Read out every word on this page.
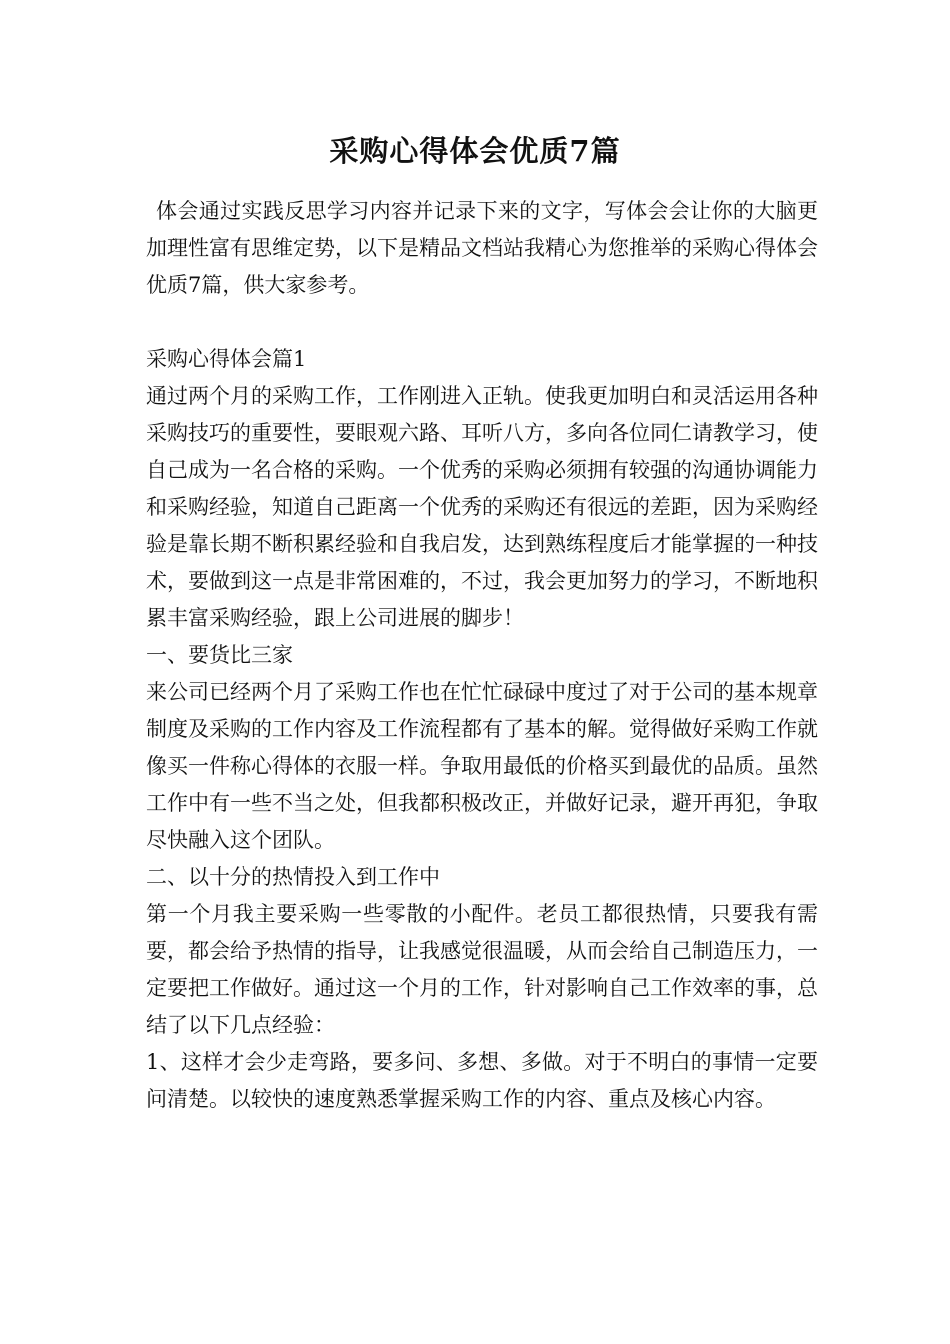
采购心得体会优质7篇

体会通过实践反思学习内容并记录下来的文字，写体会会让你的大脑更加理性富有思维定势，以下是精品文档站我精心为您推举的采购心得体会优质7篇，供大家参考。

采购心得体会篇1

通过两个月的采购工作，工作刚进入正轨。使我更加明白和灵活运用各种采购技巧的重要性，要眼观六路、耳听八方，多向各位同仁请教学习，使自己成为一名合格的采购。一个优秀的采购必须拥有较强的沟通协调能力和采购经验，知道自己距离一个优秀的采购还有很远的差距，因为采购经验是靠长期不断积累经验和自我启发，达到熟练程度后才能掌握的一种技术，要做到这一点是非常困难的，不过，我会更加努力的学习，不断地积累丰富采购经验，跟上公司进展的脚步！

一、要货比三家

来公司已经两个月了采购工作也在忙忙碌碌中度过了对于公司的基本规章制度及采购的工作内容及工作流程都有了基本的解。觉得做好采购工作就像买一件称心得体的衣服一样。争取用最低的价格买到最优的品质。虽然工作中有一些不当之处，但我都积极改正，并做好记录，避开再犯，争取尽快融入这个团队。

二、以十分的热情投入到工作中

第一个月我主要采购一些零散的小配件。老员工都很热情，只要我有需要，都会给予热情的指导，让我感觉很温暖，从而会给自己制造压力，一定要把工作做好。通过这一个月的工作，针对影响自己工作效率的事，总结了以下几点经验：

1、这样才会少走弯路，要多问、多想、多做。对于不明白的事情一定要问清楚。以较快的速度熟悉掌握采购工作的内容、重点及核心内容。
